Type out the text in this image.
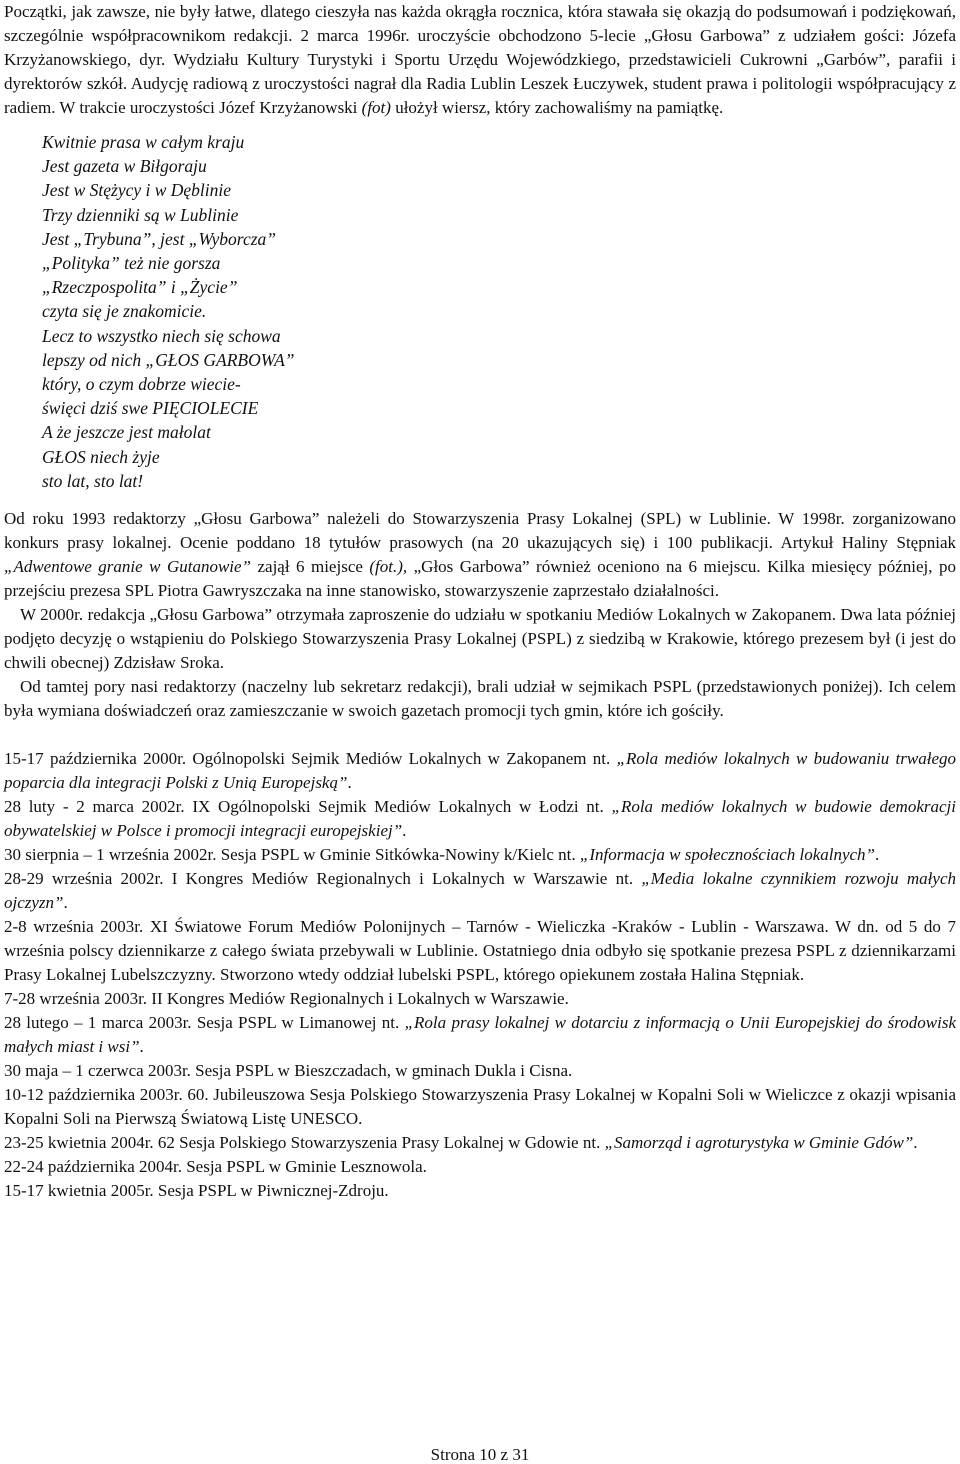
Początki, jak zawsze, nie były łatwe, dlatego cieszyła nas każda okrągła rocznica, która stawała się okazją do podsumowań i podziękowań, szczególnie współpracownikom redakcji. 2 marca 1996r. uroczyście obchodzono 5-lecie „Głosu Garbowa” z udziałem gości: Józefa Krzyżanowskiego, dyr. Wydziału Kultury Turystyki i Sportu Urzędu Wojewódzkiego, przedstawicieli Cukrowni „Garbów”, parafii i dyrektorów szkół. Audycję radiową z uroczystości nagrał dla Radia Lublin Leszek Łuczywek, student prawa i politologii współpracujący z radiem. W trakcie uroczystości Józef Krzyżanowski (fot) ułożył wiersz, który zachowaliśmy na pamiątkę.

Kwitnie prasa w całym kraju
Jest gazeta w Biłgoraju
Jest w Stężycy i w Dęblinie
Trzy dzienniki są w Lublinie
Jest „Trybuna”, jest „Wyborcza”
„Polityka” też nie gorsza
„Rzeczpospolita” i „Życie”
czyta się je znakomicie.
Lecz to wszystko niech się schowa
lepszy od nich „GŁOS GARBOWA”
który, o czym dobrze wiecie-
święci dziś swe PIĘCIOLECIE
A że jeszcze jest małolat
GŁOS niech żyje
sto lat, sto lat!

Od roku 1993 redaktorzy „Głosu Garbowa” należeli do Stowarzyszenia Prasy Lokalnej (SPL) w Lublinie. W 1998r. zorganizowano konkurs prasy lokalnej. Ocenie poddano 18 tytułów prasowych (na 20 ukazujących się) i 100 publikacji. Artykuł Haliny Stępniak „Adwentowe granie w Gutanowie” zajął 6 miejsce (fot.), „Głos Garbowa” również oceniono na 6 miejscu. Kilka miesięcy później, po przejściu prezesa SPL Piotra Gawryszczaka na inne stanowisko, stowarzyszenie zaprzestało działalności.

W 2000r. redakcja „Głosu Garbowa” otrzymała zaproszenie do udziału w spotkaniu Mediów Lokalnych w Zakopanem. Dwa lata później podjęto decyzję o wstąpieniu do Polskiego Stowarzyszenia Prasy Lokalnej (PSPL) z siedzibą w Krakowie, którego prezesem był (i jest do chwili obecnej) Zdzisław Sroka.

Od tamtej pory nasi redaktorzy (naczelny lub sekretarz redakcji), brali udział w sejmikach PSPL (przedstawionych poniżej). Ich celem była wymiana doświadczeń oraz zamieszczanie w swoich gazetach promocji tych gmin, które ich gościły.

15-17 października 2000r. Ogólnopolski Sejmik Mediów Lokalnych w Zakopanem nt. „Rola mediów lokalnych w budowaniu trwałego poparcia dla integracji Polski z Unią Europejską”.

28 luty - 2 marca 2002r. IX Ogólnopolski Sejmik Mediów Lokalnych w Łodzi nt. „Rola mediów lokalnych w budowie demokracji obywatelskiej w Polsce i promocji integracji europejskiej”.

30 sierpnia – 1 września 2002r. Sesja PSPL w Gminie Sitkówka-Nowiny k/Kielc nt. „Informacja w społecznościach lokalnych”.

28-29 września 2002r. I Kongres Mediów Regionalnych i Lokalnych w Warszawie nt. „Media lokalne czynnikiem rozwoju małych ojczyzn”.

2-8 września 2003r. XI Światowe Forum Mediów Polonijnych – Tarnów - Wieliczka -Kraków - Lublin - Warszawa. W dn. od 5 do 7 września polscy dziennikarze z całego świata przebywali w Lublinie. Ostatniego dnia odbyło się spotkanie prezesa PSPL z dziennikarzami Prasy Lokalnej Lubelszczyzny. Stworzono wtedy oddział lubelski PSPL, którego opiekunem została Halina Stępniak.

7-28 września 2003r. II Kongres Mediów Regionalnych i Lokalnych w Warszawie.

28 lutego – 1 marca 2003r. Sesja PSPL w Limanowej nt. „Rola prasy lokalnej w dotarciu z informacją o Unii Europejskiej do środowisk małych miast i wsi”.

30 maja – 1 czerwca 2003r. Sesja PSPL w Bieszczadach, w gminach Dukla i Cisna.

10-12 października 2003r. 60. Jubileuszowa Sesja Polskiego Stowarzyszenia Prasy Lokalnej w Kopalni Soli w Wieliczce z okazji wpisania Kopalni Soli na Pierwszą Światową Listę UNESCO.

23-25 kwietnia 2004r. 62 Sesja Polskiego Stowarzyszenia Prasy Lokalnej w Gdowie nt. „Samorząd i agroturystyka w Gminie Gdów”.

22-24 października 2004r. Sesja PSPL w Gminie Lesznowola.

15-17 kwietnia 2005r. Sesja PSPL w Piwnicznej-Zdroju.

Strona 10 z 31
